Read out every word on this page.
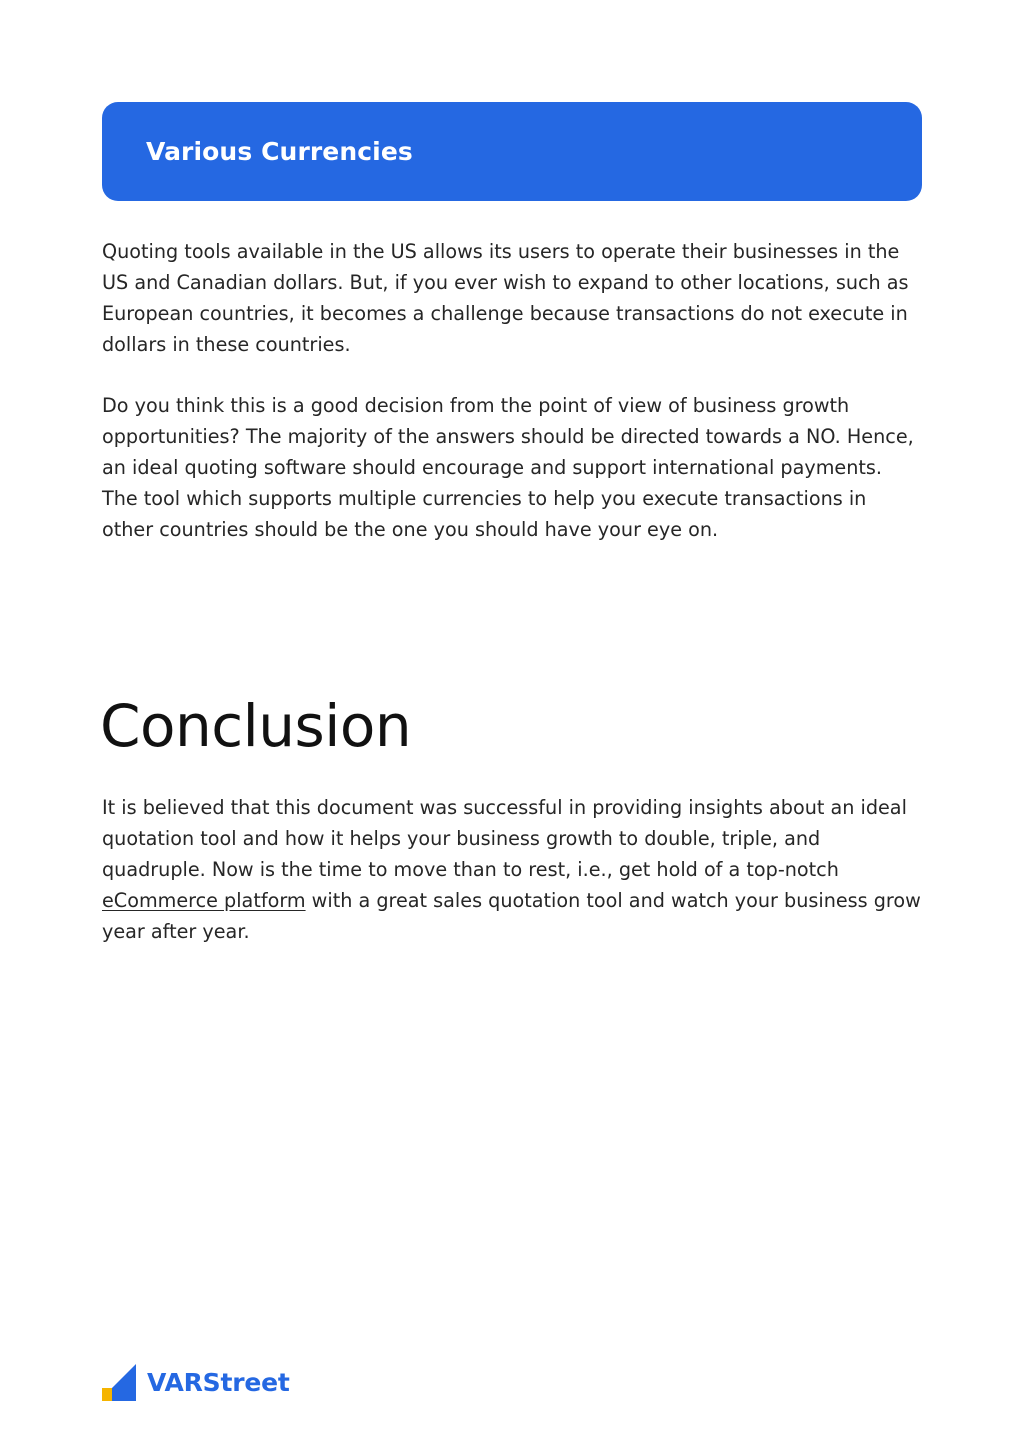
Various Currencies

Quoting tools available in the US allows its users to operate their businesses in the US and Canadian dollars. But, if you ever wish to expand to other locations, such as European countries, it becomes a challenge because transactions do not execute in dollars in these countries.

Do you think this is a good decision from the point of view of business growth opportunities? The majority of the answers should be directed towards a NO. Hence, an ideal quoting software should encourage and support international payments. The tool which supports multiple currencies to help you execute transactions in other countries should be the one you should have your eye on.

Conclusion

It is believed that this document was successful in providing insights about an ideal quotation tool and how it helps your business growth to double, triple, and quadruple. Now is the time to move than to rest, i.e., get hold of a top-notch eCommerce platform with a great sales quotation tool and watch your business grow year after year.

VARStreet
